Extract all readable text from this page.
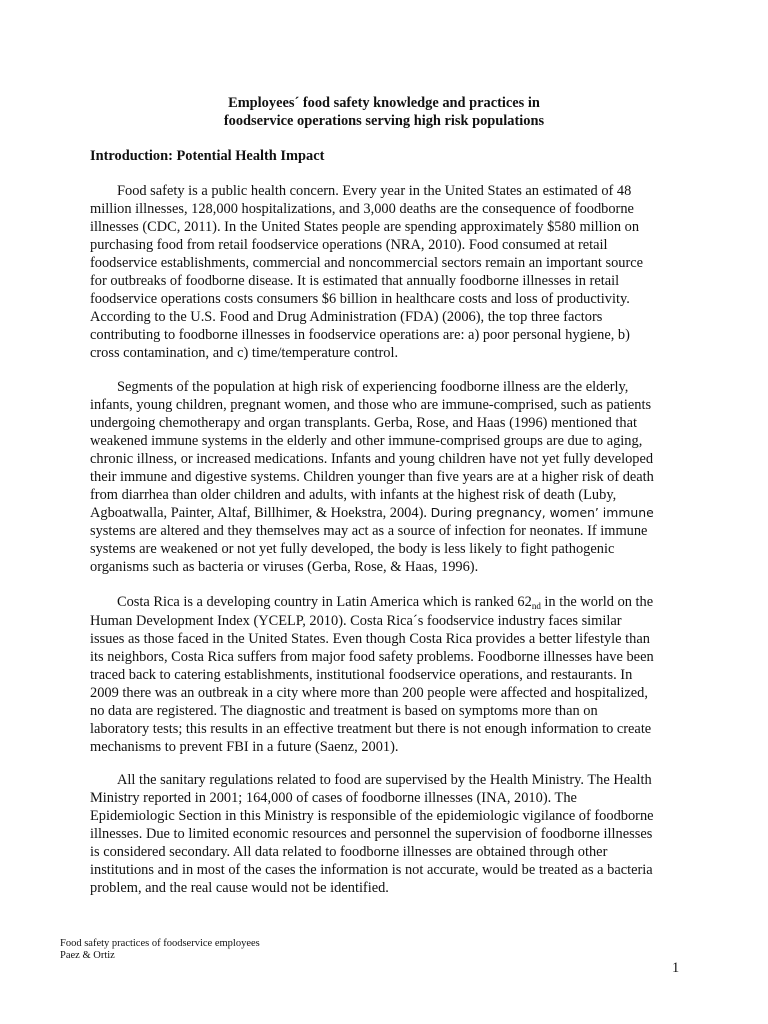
Employees´ food safety knowledge and practices in
foodservice operations serving high risk populations
Introduction: Potential Health Impact
Food safety is a public health concern. Every year in the United States an estimated of 48
million illnesses, 128,000 hospitalizations, and 3,000 deaths are the consequence of foodborne
illnesses (CDC, 2011). In the United States people are spending approximately $580 million on
purchasing food from retail foodservice operations (NRA, 2010). Food consumed at retail
foodservice establishments, commercial and noncommercial sectors remain an important source
for outbreaks of foodborne disease. It is estimated that annually foodborne illnesses in retail
foodservice operations costs consumers $6 billion in healthcare costs and loss of productivity.
According to the U.S. Food and Drug Administration (FDA) (2006), the top three factors
contributing to foodborne illnesses in foodservice operations are: a) poor personal hygiene, b)
cross contamination, and c) time/temperature control.
Segments of the population at high risk of experiencing foodborne illness are the elderly,
infants, young children, pregnant women, and those who are immune-comprised, such as patients
undergoing chemotherapy and organ transplants. Gerba, Rose, and Haas (1996) mentioned that
weakened immune systems in the elderly and other immune-comprised groups are due to aging,
chronic illness, or increased medications. Infants and young children have not yet fully developed
their immune and digestive systems. Children younger than five years are at a higher risk of death
from diarrhea than older children and adults, with infants at the highest risk of death (Luby,
Agboatwalla, Painter, Altaf, Billhimer, & Hoekstra, 2004). During pregnancy, women’ immune
systems are altered and they themselves may act as a source of infection for neonates. If immune
systems are weakened or not yet fully developed, the body is less likely to fight pathogenic
organisms such as bacteria or viruses (Gerba, Rose, & Haas, 1996).
Costa Rica is a developing country in Latin America which is ranked $62_{nd}$ in the world on the
Human Development Index (YCELP, 2010). Costa Rica´s foodservice industry faces similar
issues as those faced in the United States. Even though Costa Rica provides a better lifestyle than
its neighbors, Costa Rica suffers from major food safety problems. Foodborne illnesses have been
traced back to catering establishments, institutional foodservice operations, and restaurants. In
2009 there was an outbreak in a city where more than 200 people were affected and hospitalized,
no data are registered. The diagnostic and treatment is based on symptoms more than on
laboratory tests; this results in an effective treatment but there is not enough information to create
mechanisms to prevent FBI in a future (Saenz, 2001).
All the sanitary regulations related to food are supervised by the Health Ministry. The Health
Ministry reported in 2001; 164,000 of cases of foodborne illnesses (INA, 2010). The
Epidemiologic Section in this Ministry is responsible of the epidemiologic vigilance of foodborne
illnesses. Due to limited economic resources and personnel the supervision of foodborne illnesses
is considered secondary. All data related to foodborne illnesses are obtained through other
institutions and in most of the cases the information is not accurate, would be treated as a bacteria
problem, and the real cause would not be identified.
Food safety practices of foodservice employees
Paez & Ortiz
1
